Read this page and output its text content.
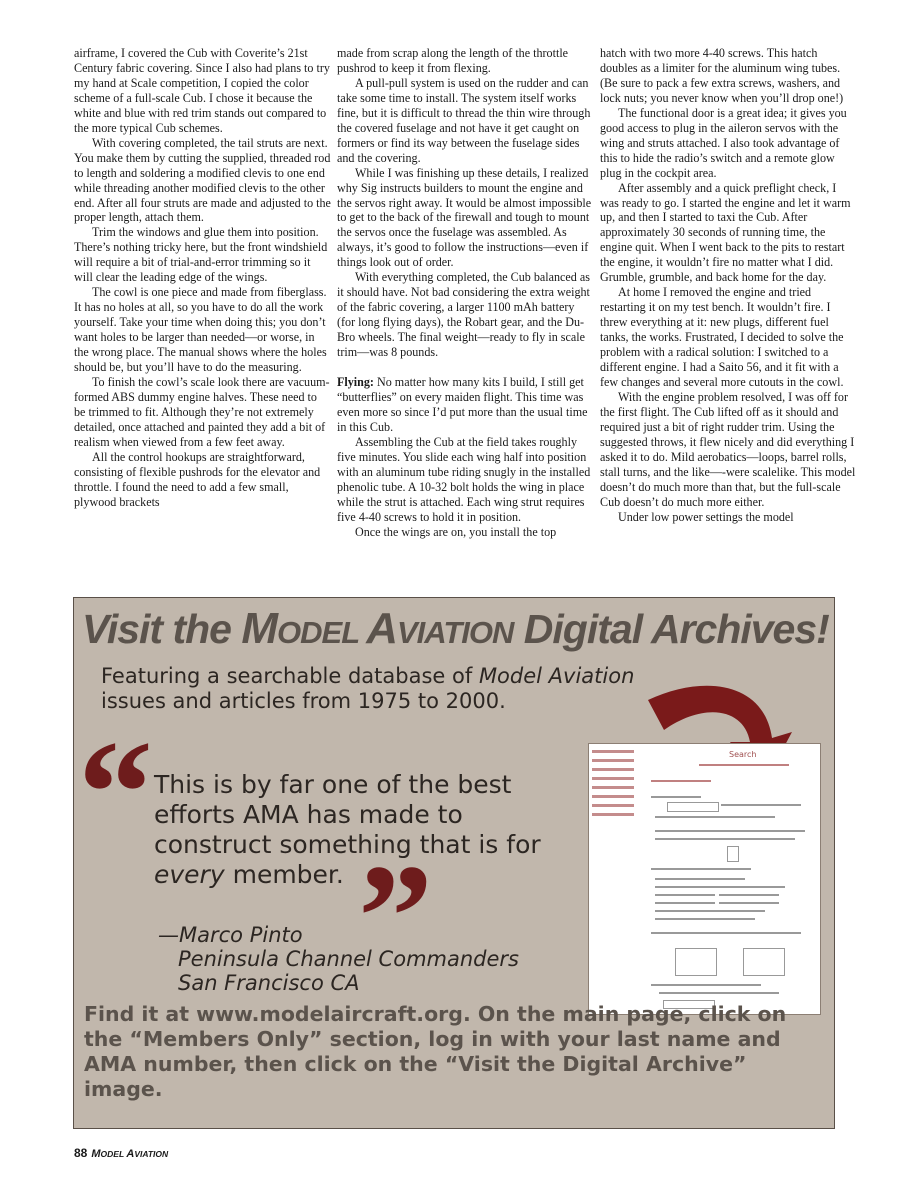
airframe, I covered the Cub with Coverite’s 21st Century fabric covering. Since I also had plans to try my hand at Scale competition, I copied the color scheme of a full-scale Cub. I chose it because the white and blue with red trim stands out compared to the more typical Cub schemes.

With covering completed, the tail struts are next. You make them by cutting the supplied, threaded rod to length and soldering a modified clevis to one end while threading another modified clevis to the other end. After all four struts are made and adjusted to the proper length, attach them.

Trim the windows and glue them into position. There’s nothing tricky here, but the front windshield will require a bit of trial-and-error trimming so it will clear the leading edge of the wings.

The cowl is one piece and made from fiberglass. It has no holes at all, so you have to do all the work yourself. Take your time when doing this; you don’t want holes to be larger than needed—or worse, in the wrong place. The manual shows where the holes should be, but you’ll have to do the measuring.

To finish the cowl’s scale look there are vacuum-formed ABS dummy engine halves. These need to be trimmed to fit. Although they’re not extremely detailed, once attached and painted they add a bit of realism when viewed from a few feet away.

All the control hookups are straightforward, consisting of flexible pushrods for the elevator and throttle. I found the need to add a few small, plywood brackets

made from scrap along the length of the throttle pushrod to keep it from flexing.

A pull-pull system is used on the rudder and can take some time to install. The system itself works fine, but it is difficult to thread the thin wire through the covered fuselage and not have it get caught on formers or find its way between the fuselage sides and the covering.

While I was finishing up these details, I realized why Sig instructs builders to mount the engine and the servos right away. It would be almost impossible to get to the back of the firewall and tough to mount the servos once the fuselage was assembled. As always, it’s good to follow the instructions—even if things look out of order.

With everything completed, the Cub balanced as it should have. Not bad considering the extra weight of the fabric covering, a larger 1100 mAh battery (for long flying days), the Robart gear, and the Du-Bro wheels. The final weight—ready to fly in scale trim—was 8 pounds.

Flying: No matter how many kits I build, I still get “butterflies” on every maiden flight. This time was even more so since I’d put more than the usual time in this Cub.

Assembling the Cub at the field takes roughly five minutes. You slide each wing half into position with an aluminum tube riding snugly in the installed phenolic tube. A 10-32 bolt holds the wing in place while the strut is attached. Each wing strut requires five 4-40 screws to hold it in position.

Once the wings are on, you install the top

hatch with two more 4-40 screws. This hatch doubles as a limiter for the aluminum wing tubes. (Be sure to pack a few extra screws, washers, and lock nuts; you never know when you’ll drop one!)

The functional door is a great idea; it gives you good access to plug in the aileron servos with the wing and struts attached. I also took advantage of this to hide the radio’s switch and a remote glow plug in the cockpit area.

After assembly and a quick preflight check, I was ready to go. I started the engine and let it warm up, and then I started to taxi the Cub. After approximately 30 seconds of running time, the engine quit. When I went back to the pits to restart the engine, it wouldn’t fire no matter what I did. Grumble, grumble, and back home for the day.

At home I removed the engine and tried restarting it on my test bench. It wouldn’t fire. I threw everything at it: new plugs, different fuel tanks, the works. Frustrated, I decided to solve the problem with a radical solution: I switched to a different engine. I had a Saito 56, and it fit with a few changes and several more cutouts in the cowl.

With the engine problem resolved, I was off for the first flight. The Cub lifted off as it should and required just a bit of right rudder trim. Using the suggested throws, it flew nicely and did everything I asked it to do. Mild aerobatics—loops, barrel rolls, stall turns, and the like—-were scalelike. This model doesn’t do much more than that, but the full-scale Cub doesn’t do much more either.

Under low power settings the model

Visit the MODEL AVIATION Digital Archives!
Featuring a searchable database of Model Aviation issues and articles from 1975 to 2000.
Search
“ This is by far one of the best efforts AMA has made to construct something that is for every member. ”
—Marco Pinto
Peninsula Channel Commanders
San Francisco CA
Find it at www.modelaircraft.org. On the main page, click on the “Members Only” section, log in with your last name and AMA number, then click on the “Visit the Digital Archive” image.
88 MODEL AVIATION
